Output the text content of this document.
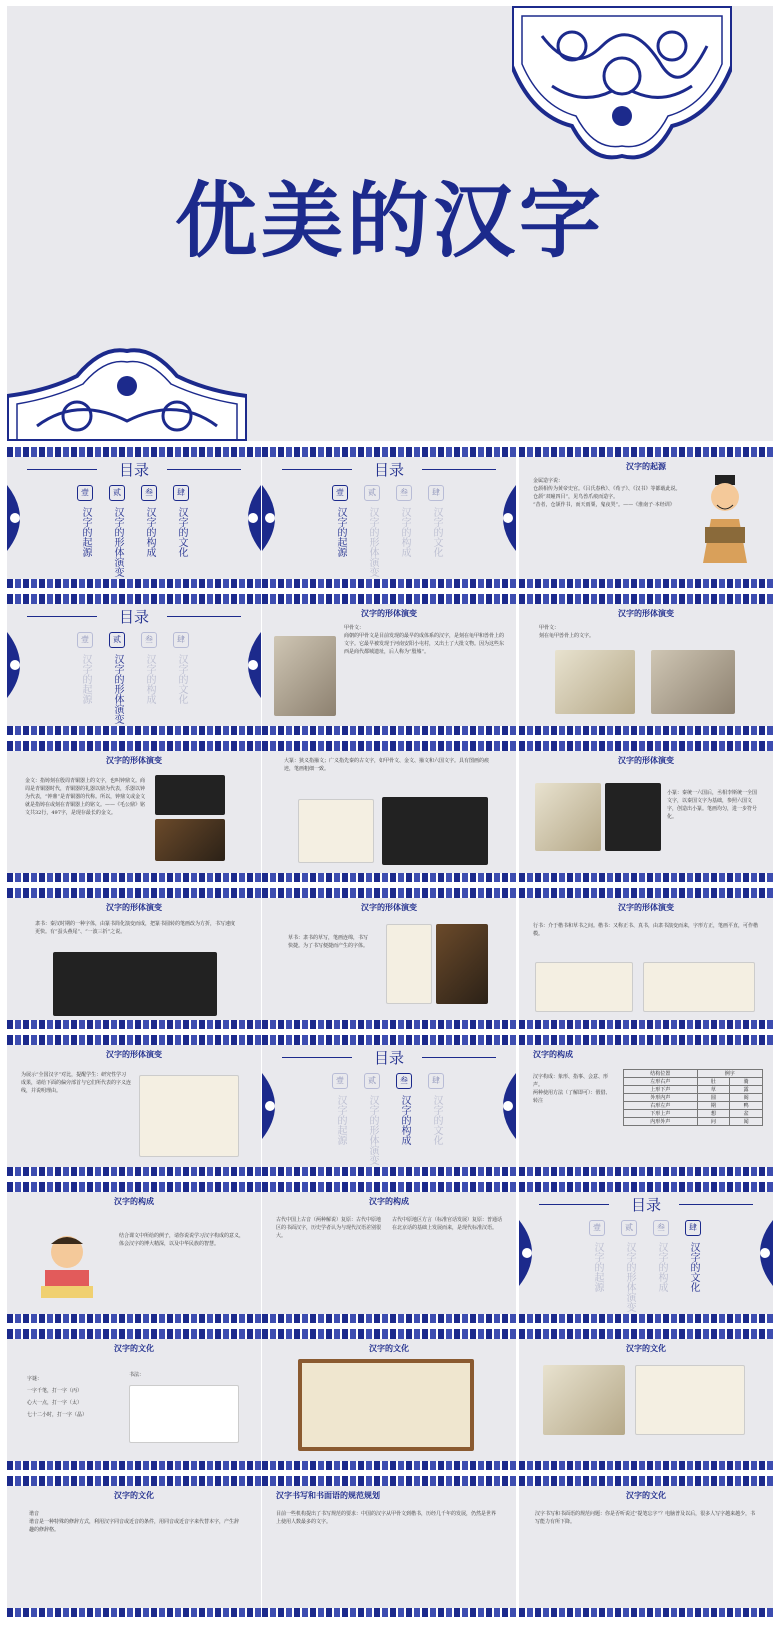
优美的汉字
目录
壹
汉字的起源
贰
汉字的形体演变
叁
汉字的构成
肆
汉字的文化
目录
壹
汉字的起源
贰
汉字的形体演变
叁
汉字的构成
肆
汉字的文化
汉字的起源
金属造字说：
仓颉相传为黄帝史官。《吕氏春秋》、《荀子》、《汉书》等都载此说。
仓颉“双瞳四目”，见鸟兽爪痕而造字。
“昔者，仓颉作书，而天雨粟，鬼夜哭”。——《淮南子·本经训》
目录
壹
汉字的起源
贰
汉字的形体演变
叁
汉字的构成
肆
汉字的文化
汉字的形体演变
甲骨文：
商朝的甲骨文是目前发现的最早的成体系的汉字，是刻在龟甲和兽骨上的文字。它最早被发现于河南安阳小屯村，又出土了大批文物。因为这些东西是商代都城遗址，后人称为“殷墟”。
汉字的形体演变
甲骨文：
刻在龟甲兽骨上的文字。
汉字的形体演变
金文：指铸刻在殷周青铜器上的文字，也叫钟鼎文。商周是青铜器时代，青铜器的礼器以鼎为代表，乐器以钟为代表，“钟鼎”是青铜器的代称。所以，钟鼎文或金文就是指铸在或刻在青铜器上的铭文。——《毛公鼎》铭文共32行，497字，是现存最长的金文。
大篆：狭义指籀文；广义指先秦的古文字，如甲骨文、金文、籀文和六国文字。具有图画的痕迹，笔画粗细一致。
汉字的形体演变
小篆：秦统一六国后，丞相李斯统一全国文字，以秦国文字为基础，参照六国文字，创造出小篆。笔画均匀，进一步符号化。
汉字的形体演变
隶书：秦汉时期的一种字体，由篆书简化演变而成，把篆书圆转的笔画改为方折，书写速度更快。有“蚕头燕尾”、“一波三折”之说。
汉字的形体演变
草书：隶书的草写，笔画连绵，书写快捷。为了书写便捷而产生的字体。
汉字的形体演变
行书：介于楷书和草书之间。楷书：又称正书、真书，由隶书演变而来，字形方正，笔画平直，可作楷模。
汉字的形体演变
为展示“全国汉字”对比，提醒学生：研究性学习成果，请给下面的偏旁部首与它们所代表的字义连线，并说明理由。
目录
壹
汉字的起源
贰
汉字的形体演变
叁
汉字的构成
肆
汉字的文化
汉字的构成
汉字构成：象形、指事、会意、形声。
两种使用方法（了解即可）：假借、转注
结构位置	例字	
左形右声	肚	骑
上形下声	草	露
外形内声	圆	阁
右形左声	期	鸭
下形上声	想	盆
内形外声	问	闻
汉字的构成
结合课文中所给的例子，请你说说学习汉字构成的意义，体会汉字的博大精深，以及中华民族的智慧。
汉字的构成
古代中国上古音（两种解说）复原：古代中原地区的书面汉字，历史学者认为与现代汉语差别很大。
古代中原地区方言（标准官话发展）复原：普通话在北京话的基础上发展而来，是现代标准汉语。
目录
壹
汉字的起源
贰
汉字的形体演变
叁
汉字的构成
肆
汉字的文化
汉字的文化
字谜：
一字千笔，打一字（丙）
心大一点，打一字（太）
七十二小时，打一字（晶）
书法：
汉字的文化	汉字的文化
汉字的文化
谐音
谐音是一种特殊的修辞方式，利用汉字同音或近音的条件，用同音或近音字来代替本字，产生辞趣的修辞格。
汉字书写和书面语的规范规划
目前一些机构提出了书写规范的要求：中国的汉字从甲骨文到楷书，历经几千年的发展，仍然是世界上使用人数最多的文字。
汉字的文化
汉字书写和书面语的规范问题：你是否听说过“提笔忘字”？电脑普及以后，很多人写字越来越少，书写能力有所下降。
